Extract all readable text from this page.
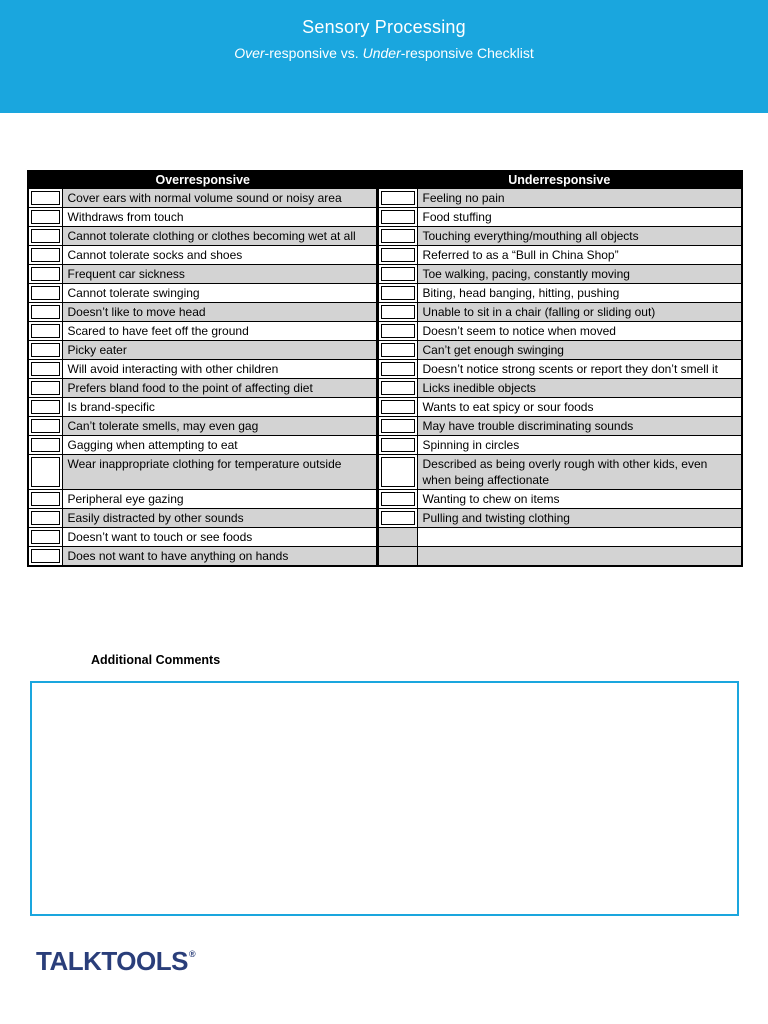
Sensory Processing
Over-responsive vs. Under-responsive Checklist
Overresponsive		Underresponsive	

	Cover ears with normal volume sound or noisy area		Feeling no pain

	Withdraws from touch		Food stuffing

	Cannot tolerate clothing or clothes becoming wet at all		Touching everything/mouthing all objects

	Cannot tolerate socks and shoes		Referred to as a “Bull in China Shop”

	Frequent car sickness		Toe walking, pacing, constantly moving

	Cannot tolerate swinging		Biting, head banging, hitting, pushing

	Doesn’t like to move head		Unable to sit in a chair (falling or sliding out)

	Scared to have feet off the ground		Doesn’t seem to notice when moved

	Picky eater		Can’t get enough swinging

	Will avoid interacting with other children		Doesn’t notice strong scents or report they don’t smell it

	Prefers bland food to the point of affecting diet		Licks inedible objects

	Is brand-specific		Wants to eat spicy or sour foods

	Can’t tolerate smells, may even gag		May have trouble discriminating sounds

	Gagging when attempting to eat		Spinning in circles

	Wear inappropriate clothing for temperature outside		Described as being overly rough with other kids, even when being affectionate

	Peripheral eye gazing		Wanting to chew on items

	Easily distracted by other sounds		Pulling and twisting clothing

	Doesn’t want to touch or see foods		

	Does not want to have anything on hands		
Additional Comments
TALKTOOLS ®
